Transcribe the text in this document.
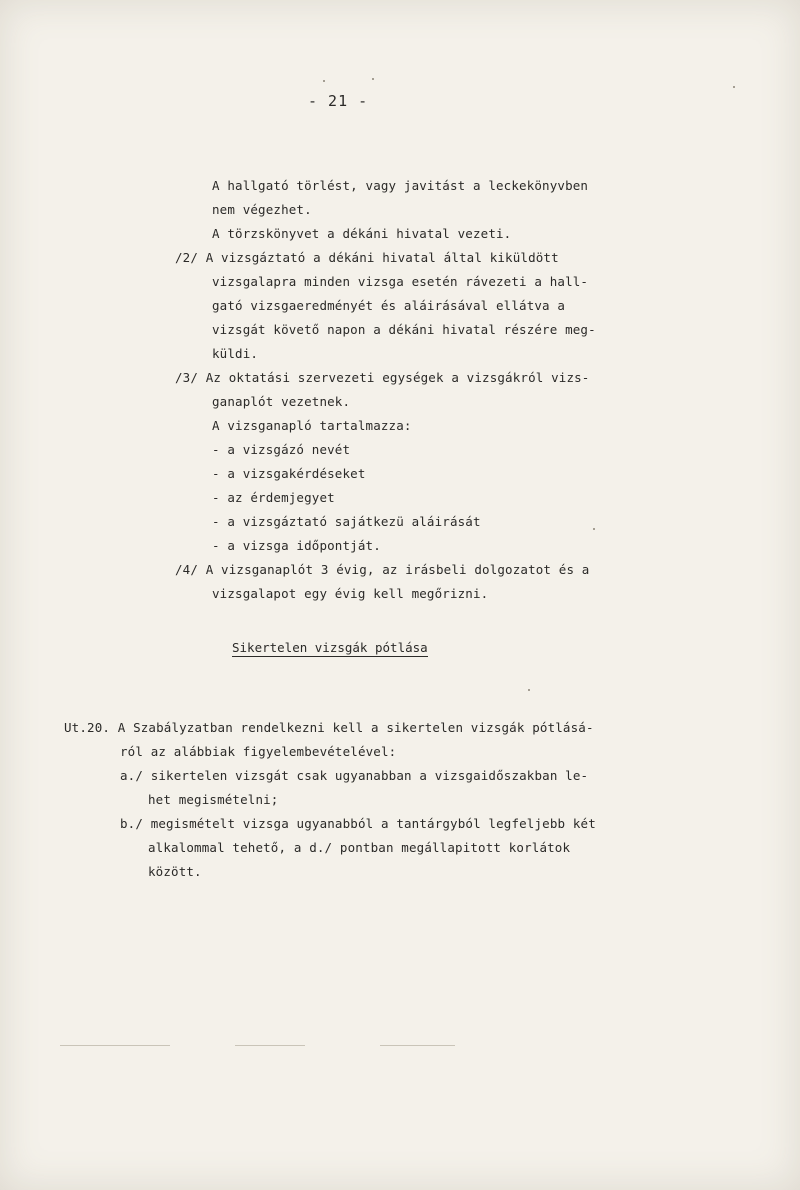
- 21 -
A hallgató törlést, vagy javitást a leckekönyvben
nem végezhet.
A törzskönyvet a dékáni hivatal vezeti.
/2/ A vizsgáztató a dékáni hivatal által kiküldött
vizsgalapra minden vizsga esetén rávezeti a hall-
gató vizsgaeredményét és aláirásával ellátva a
vizsgát követő napon a dékáni hivatal részére meg-
küldi.
/3/ Az oktatási szervezeti egységek a vizsgákról vizs-
ganaplót vezetnek.
A vizsganapló tartalmazza:
- a vizsgázó nevét
- a vizsgakérdéseket
- az érdemjegyet
- a vizsgáztató sajátkezü aláirását
- a vizsga időpontját.
/4/ A vizsganaplót 3 évig, az irásbeli dolgozatot és a
vizsgalapot egy évig kell megőrizni.
Sikertelen vizsgák pótlása
Ut.20. A Szabályzatban rendelkezni kell a sikertelen vizsgák pótlásá-
ról az alábbiak figyelembevételével:
a./ sikertelen vizsgát csak ugyanabban a vizsgaidőszakban le-
het megismételni;
b./ megismételt vizsga ugyanabból a tantárgyból legfeljebb két
alkalommal tehető, a d./ pontban megállapitott korlátok
között.
